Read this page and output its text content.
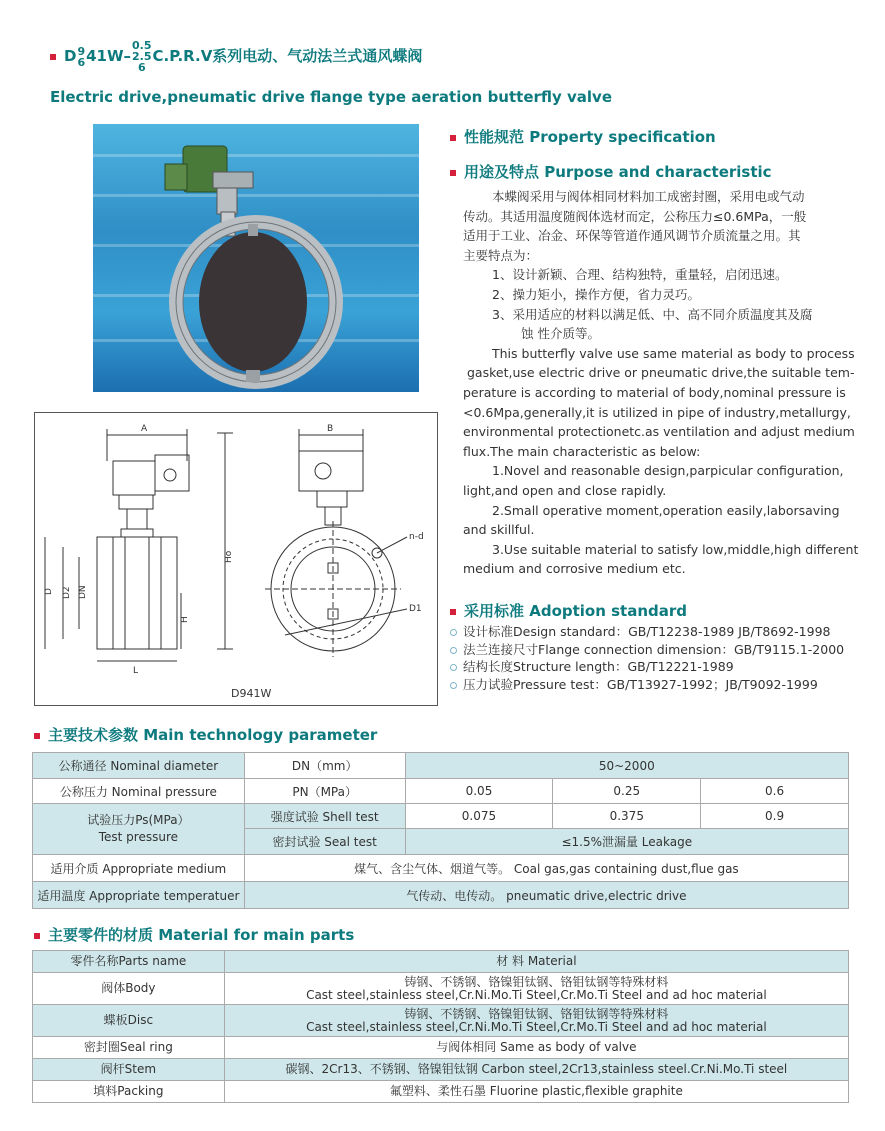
D9
641W–0.5
2.5
6C.P.R.V系列电动、气动法兰式通风蝶阀
Electric drive,pneumatic drive flange type aeration butterfly valve
A	B
D D2 DN
H
Ho
L
n-d
D1
D941W
性能规范 Property specification
用途及特点 Purpose and characteristic
本蝶阀采用与阀体相同材料加工成密封圈，采用电或气动
传动。其适用温度随阀体选材而定，公称压力≤0.6MPa，一般
适用于工业、冶金、环保等管道作通风调节介质流量之用。其
主要特点为：
1、设计新颖、合理、结构独特，重量轻，启闭迅速。
2、操力矩小，操作方便，省力灵巧。
3、采用适应的材料以满足低、中、高不同介质温度其及腐
蚀 性介质等。
This butterfly valve use same material as body to process
gasket,use electric drive or pneumatic drive,the suitable tem-
perature is according to material of body,nominal pressure is
<0.6Mpa,generally,it is utilized in pipe of industry,metallurgy,
environmental protectionetc.as ventilation and adjust medium
flux.The main characteristic as below:
1.Novel and reasonable design,parpicular configuration,
light,and open and close rapidly.
2.Small operative moment,operation easily,laborsaving
and skillful.
3.Use suitable material to satisfy low,middle,high different
medium and corrosive medium etc.
采用标准 Adoption standard
设计标准Design standard：GB/T12238-1989 JB/T8692-1998
法兰连接尺寸Flange connection dimension：GB/T9115.1-2000
结构长度Structure length：GB/T12221-1989
压力试验Pressure test：GB/T13927-1992；JB/T9092-1999
主要技术参数 Main technology parameter
公称通径 Nominal diameter	DN（mm）	50~2000		
公称压力 Nominal pressure	PN（MPa）	0.05	0.25	0.6

试验压力Ps(MPa）
Test pressure	强度试验 Shell test	0.075	0.375	0.9
	密封试验 Seal test	≤1.5%泄漏量 Leakage		
适用介质 Appropriate medium	煤气、含尘气体、烟道气等。 Coal gas,gas containing dust,flue gas			
适用温度 Appropriate temperatuer	气传动、电传动。 pneumatic drive,electric drive			
主要零件的材质 Material for main parts
零件名称Parts name	材 料 Material
阀体Body	铸钢、不锈钢、铬镍钼钛钢、铬钼钛钢等特殊材料
Cast steel,stainless steel,Cr.Ni.Mo.Ti Steel,Cr.Mo.Ti Steel and ad hoc material

蝶板Disc	铸钢、不锈钢、铬镍钼钛钢、铬钼钛钢等特殊材料
Cast steel,stainless steel,Cr.Ni.Mo.Ti Steel,Cr.Mo.Ti Steel and ad hoc material

密封圈Seal ring	与阀体相同 Same as body of valve
阀杆Stem	碳钢、2Cr13、不锈钢、铬镍钼钛钢 Carbon steel,2Cr13,stainless steel.Cr.Ni.Mo.Ti steel
填料Packing	氟塑料、柔性石墨 Fluorine plastic,flexible graphite
